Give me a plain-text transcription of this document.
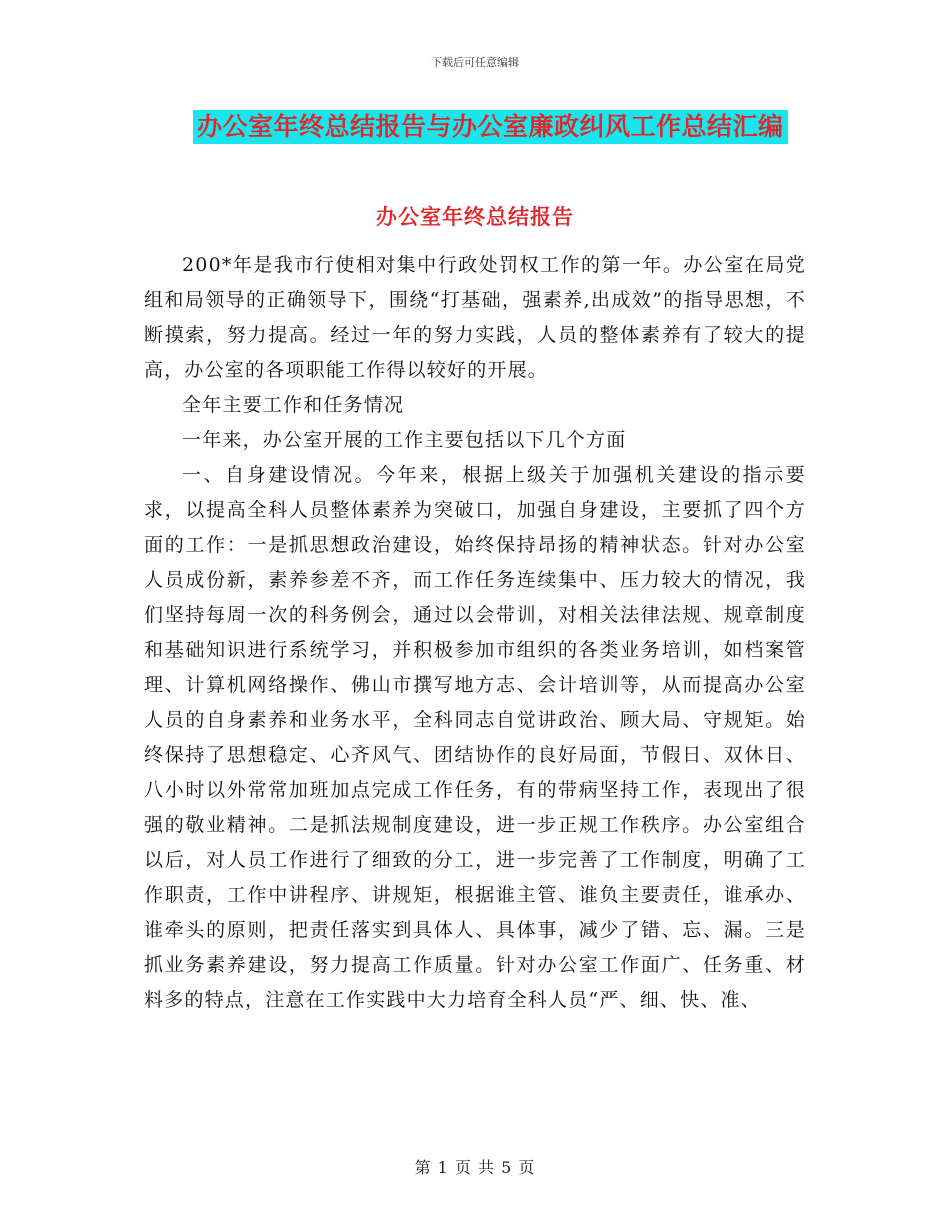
下载后可任意编辑
办公室年终总结报告与办公室廉政纠风工作总结汇编
办公室年终总结报告

200*年是我市行使相对集中行政处罚权工作的第一年。办公室在局党组和局领导的正确领导下，围绕“打基础，强素养,出成效”的指导思想，不断摸索，努力提高。经过一年的努力实践，人员的整体素养有了较大的提高，办公室的各项职能工作得以较好的开展。

全年主要工作和任务情况

一年来，办公室开展的工作主要包括以下几个方面

一、自身建设情况。今年来，根据上级关于加强机关建设的指示要求，以提高全科人员整体素养为突破口，加强自身建设，主要抓了四个方面的工作：一是抓思想政治建设，始终保持昂扬的精神状态。针对办公室人员成份新，素养参差不齐，而工作任务连续集中、压力较大的情况，我们坚持每周一次的科务例会，通过以会带训，对相关法律法规、规章制度和基础知识进行系统学习，并积极参加市组织的各类业务培训，如档案管理、计算机网络操作、佛山市撰写地方志、会计培训等，从而提高办公室人员的自身素养和业务水平，全科同志自觉讲政治、顾大局、守规矩。始终保持了思想稳定、心齐风气、团结协作的良好局面，节假日、双休日、八小时以外常常加班加点完成工作任务，有的带病坚持工作，表现出了很强的敬业精神。二是抓法规制度建设，进一步正规工作秩序。办公室组合以后，对人员工作进行了细致的分工，进一步完善了工作制度，明确了工作职责，工作中讲程序、讲规矩，根据谁主管、谁负主要责任，谁承办、谁牵头的原则，把责任落实到具体人、具体事，减少了错、忘、漏。三是抓业务素养建设，努力提高工作质量。针对办公室工作面广、任务重、材料多的特点，注意在工作实践中大力培育全科人员“严、细、快、准、

第 1 页 共 5 页
